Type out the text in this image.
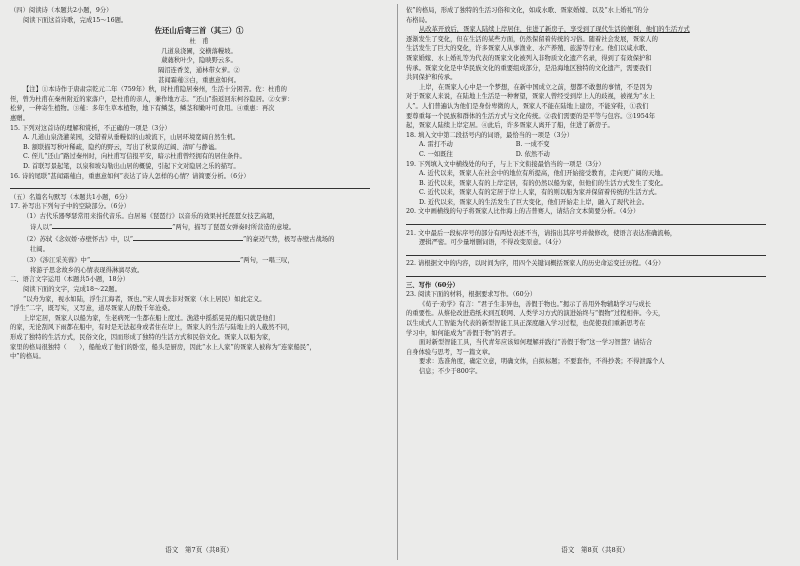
（四）阅读诗（本题共2小题，9分）
阅读下面这首诗歌，完成15～16题。
佐还山后寄三首（其三）①
杜　甫
几道泉浇圃，交横落幔坡。
葳蕤秋叶少，隐映野云多。
隔沼连香芰，通林带女萝。②
甚闻霜薤③白，重惠意如何。
【注】①本诗作于唐肃宗乾元二年（759年）秋，时杜甫隐居秦州，生活十分困苦。佐：杜甫的
侄，曾为杜甫在秦州附近的家落户，是杜甫的亲人，兼作地方志。“还山”指返回东柯谷隐居。②女萝：
松萝，一种寄生植物。③薤：多年生草本植物，地下有鳞茎，鳞茎和嫩叶可食用。④重惠：再次
惠赠。
15. 下列对这首诗的理解和赏析，不正确的一项是（3分）
A. 几道山泉浇灌菜园，交错着从垂幔似的山坡流下，山居环境宽阔自然生机。
B. 颔联描写秋叶稀疏，隐约的野云，写出了秋景的辽阔、清旷与静谧。
C. 侄儿“还山”路过秦州时，向杜甫写信报平安，暗示杜甫曾经拥有的居住条件。
D. 首联写景起笔，以泉和坡勾勒出山居的概貌，引起下文对隐居之乐的描写。
16. 诗的尾联“甚闻霜薤白，重惠意如何”表达了诗人怎样的心情？请简要分析。（6分）
（五）名篇名句默写（本题共1小题，6分）
17. 补写出下列句子中的空缺部分。（6分）
（1）古代乐器琴瑟常用来指代音乐。白居易《琵琶行》以音乐的效果衬托琵琶女技艺高超，
诗人以“	”两句，描写了琵琶女弹奏时所营造的意境。
（2）苏轼《念奴娇·赤壁怀古》中，以“	”的豪迈气势，极写赤壁古战场的
壮阔。
（3）《涉江采芙蓉》中“	”两句，一唱三叹，
将游子思念故乡的心情表现得淋漓尽致。
二、语言文字运用（本题共5小题，18分）
阅读下面的文字，完成18～22题。
“以舟为家，视水如陆，浮生江海者，疍也。”宋人周去非对疍家（水上居民）如此定义。
“浮生”二字，既写实，又写意，道尽疍家人的数千年沧桑。
上岸定居，疍家人以船为家，生老病死一生都在船上度过。漁港中摇摇晃晃的船只就是他们
的家，无论刮风下雨都在船中，有时是无法起身或者住在岸上，疍家人的生活与陆地上的人截然不同，
形成了独特的生活方式，民俗文化，因而形成了独特的生活方式和民俗文化。疍家人以船为家，
家里的格局很独特（　　），船舱成了他们的卧室，船头是厨房，因此“水上人家”的疍家人被称为“连家船民”，
中”的格局。
语文　第7页（共8页）
依”的格局，形成了独特的生活习俗和文化，如咸水歌、疍家婚嫁、以及“水上婚礼”的分
布格局。
从改革开放后，疍家人陆续上岸居住，住进了新房子，享受到了现代生活的便利，他们的生活方式
逐渐发生了变化，但在生活的某些方面，仍然保留着传统的习俗。随着社会发展，疍家人的
生活发生了巨大的变化，许多疍家人从事渔业、水产养殖、旅游等行业。他们以咸水歌、
疍家婚嫁、水上婚礼等为代表的疍家文化被列入非物质文化遗产名录，得到了有效保护和
传承。疍家文化是中华民族文化的重要组成部分，是沿海地区独特的文化遗产，需要我们
共同保护和传承。
上岸，在疍家人心中是一个梦想，在新中国成立之前，想都不敢想的事情，不是因为
对于疍家人来说，在陆地上生活是一种奢望，疍家人曾经受到岸上人的歧视，被视为“水上
人”。人们普遍认为他们是身份卑微的人，疍家人不能在陆地上建房，不能穿鞋，①我们
要尊重每一个民族和群体的生活方式与文化传统。②我们需要的是平等与包容。③1954年
起，疍家人陆续上岸定居。④此后，许多疍家人离开了船，住进了新房子。
18. 填入文中第二段括号内的词语，最恰当的一项是（3分）
A. 雷打不动　　　　　　　　　　B. 一成不变
C. 一如既往　　　　　　　　　　D. 依然不动
19. 下列填入文中横线处的句子，与上下文衔接最恰当的一项是（3分）
A. 近代以来，疍家人在社会中的地位有所提高，他们开始接受教育，走向更广阔的天地。
B. 近代以来，疍家人有的上岸定居，有的仍然以船为家，但他们的生活方式发生了变化。
C. 近代以来，疍家人有的定居于岸上人家，有的则以船为家并保留着传统的生活方式。
D. 近代以来，疍家人的生活发生了巨大变化，他们开始走上岸，融入了现代社会。
20. 文中画横线的句子将疍家人比作海上的吉普赛人，请结合文本简要分析。（4分）
21. 文中最后一段标序号的部分有两处表述不当，请指出其序号并做修改，使语言表达准确流畅，
逻辑严密。可少量增删词语，不得改变原意。（4分）
22. 请根据文中的内容，以时间为序，用四个关键词概括疍家人的历史命运变迁历程。（4分）
三、写作（60分）
23. 阅读下面的材料，根据要求写作。（60分）
《荀子·劝学》有言：“君子生非异也，善假于物也。”揭示了善用外物辅助学习与成长
的重要性。从蔡伦改进造纸术到互联网、人类学习方式的演进始终与“假物”过程相伴。今天，
以生成式人工智能为代表的新型智能工具正深度融入学习过程，也促使我们重新思考在
学习中，如何能成为“善假于物”的君子。
面对新型智能工具，当代青年应该如何理解并践行“善假于物”这一学习智慧？请结合
自身体验与思考，写一篇文章。
要求：选准角度，确定立意，明确文体，自拟标题；不要套作，不得抄袭；不得泄露个人
信息；不少于800字。
语文　第8页（共8页）
